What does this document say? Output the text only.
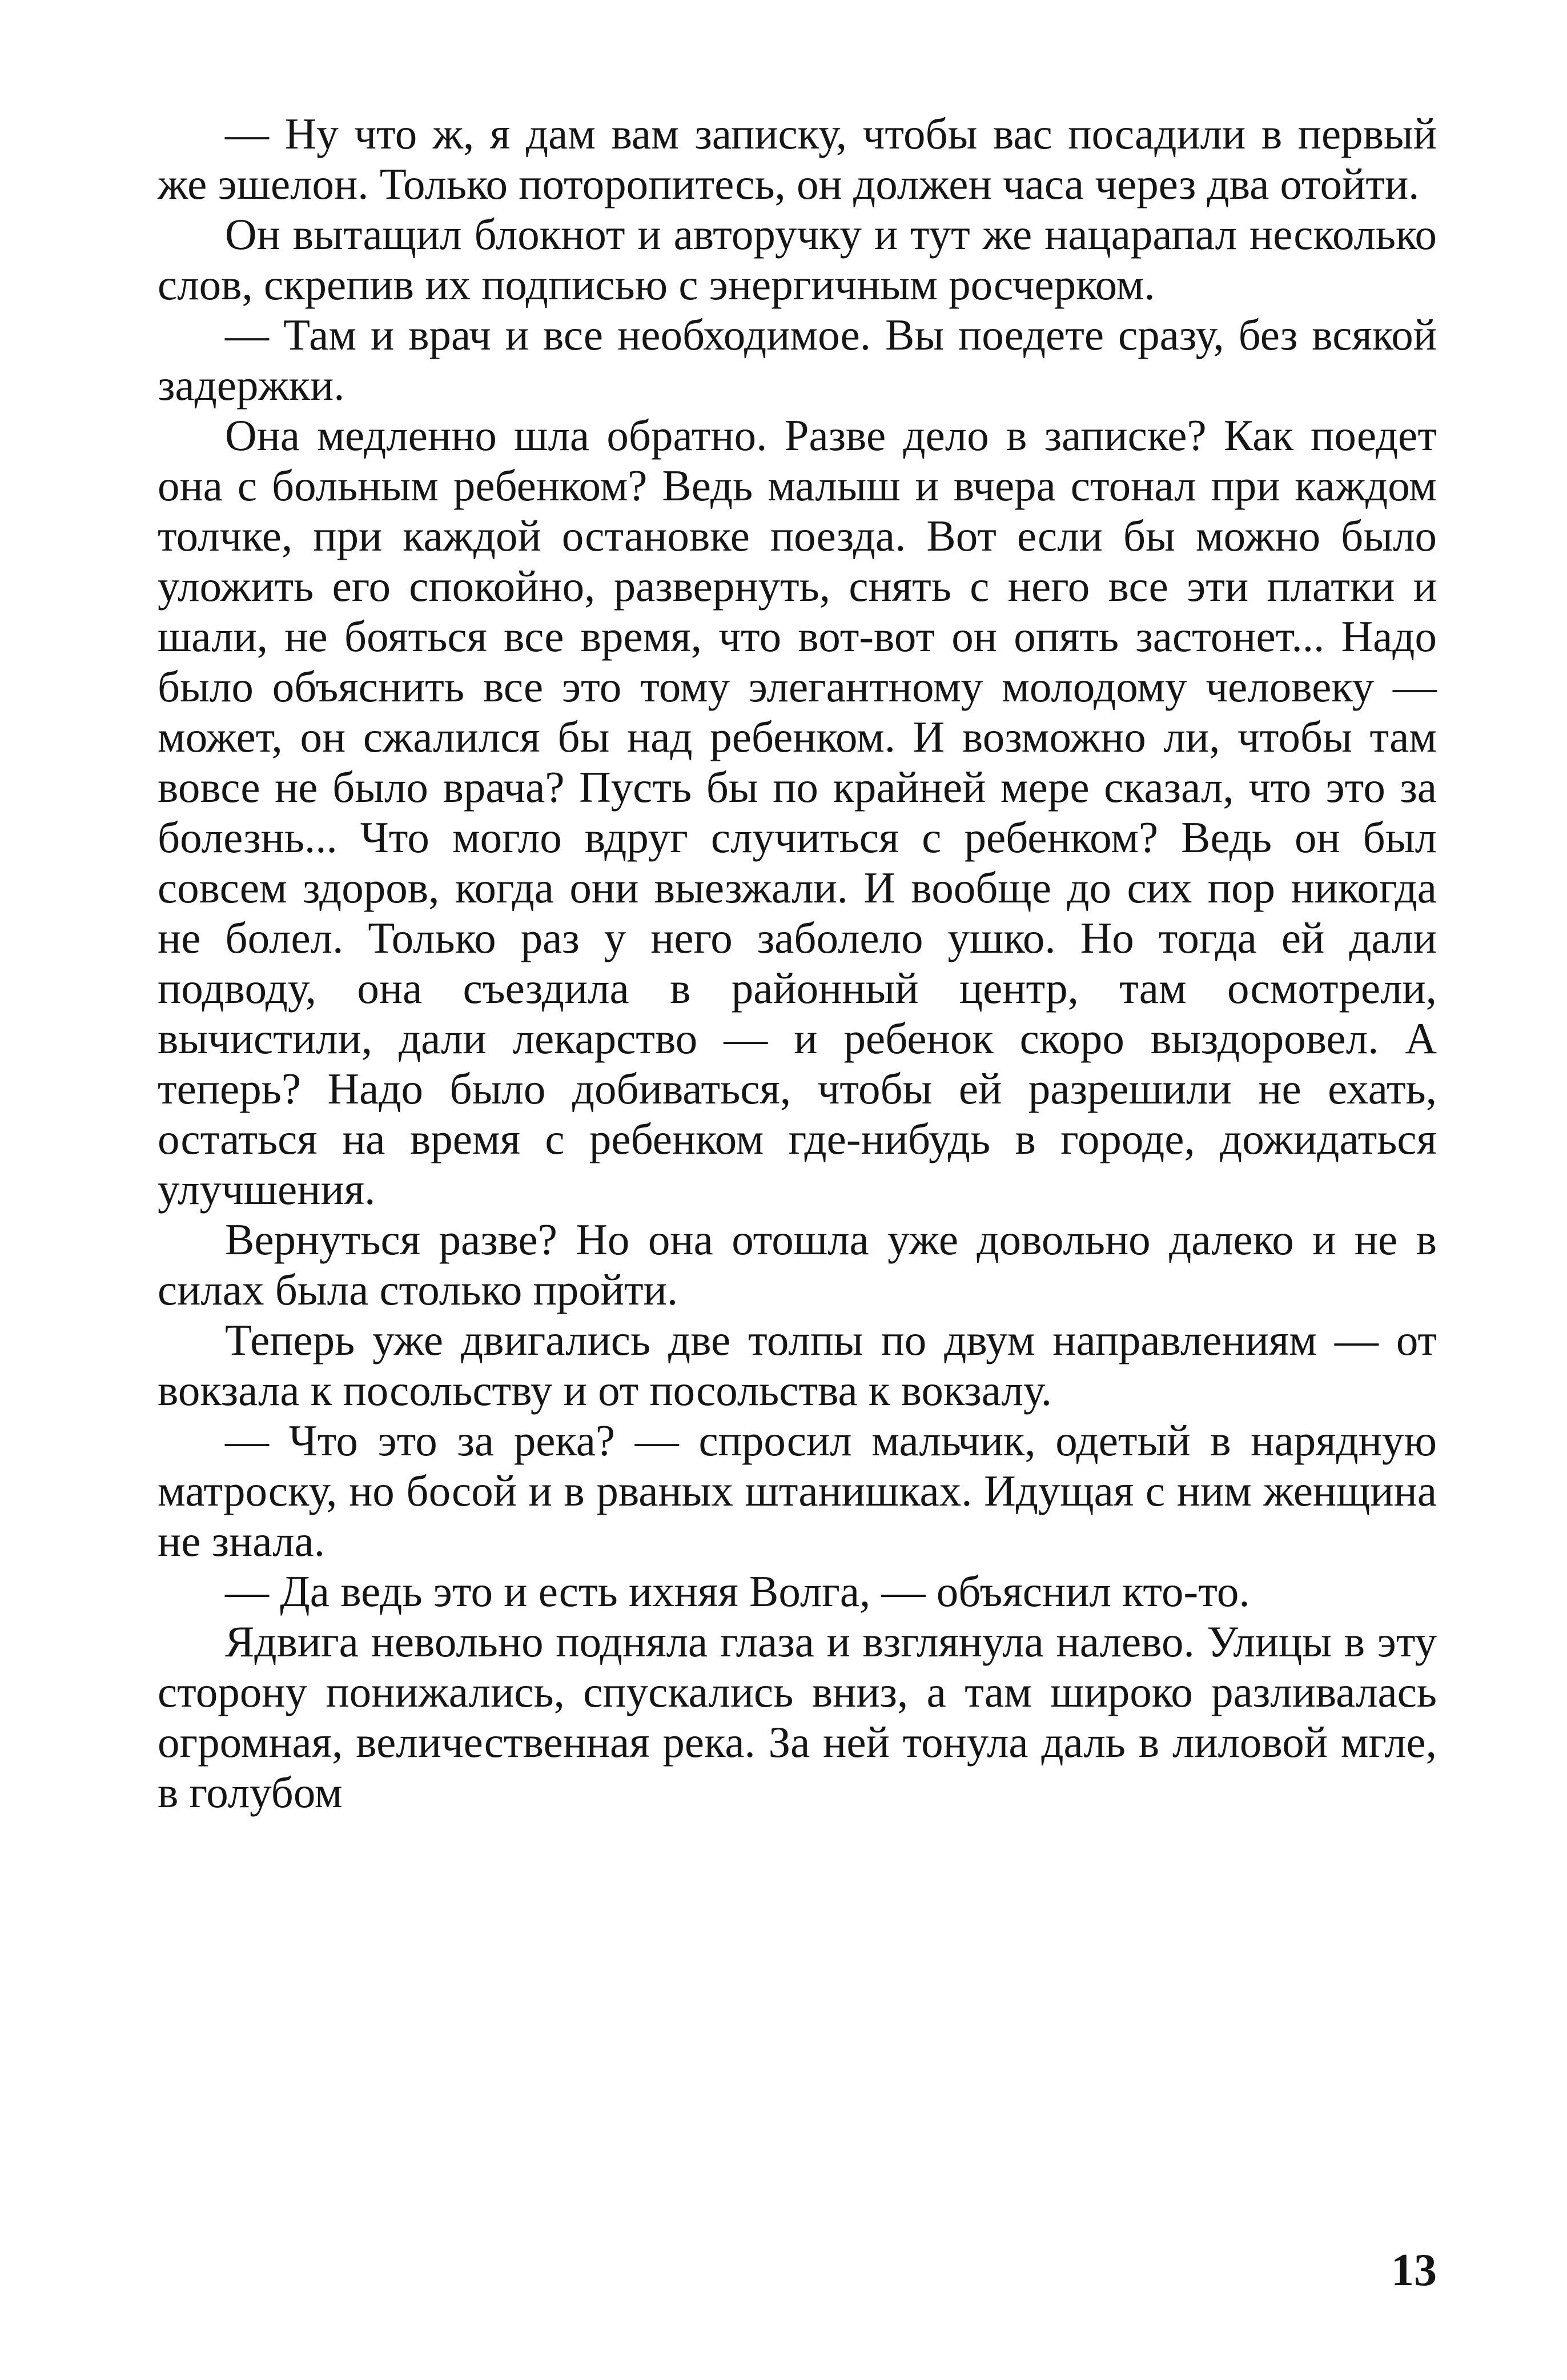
— Ну что ж, я дам вам записку, чтобы вас посадили в первый же эшелон. Только поторопитесь, он должен часа через два отойти.

Он вытащил блокнот и авторучку и тут же нацарапал несколько слов, скрепив их подписью с энергичным росчерком.

— Там и врач и все необходимое. Вы поедете сразу, без всякой задержки.

Она медленно шла обратно. Разве дело в записке? Как поедет она с больным ребенком? Ведь малыш и вчера стонал при каждом толчке, при каждой остановке поезда. Вот если бы можно было уложить его спокойно, развернуть, снять с него все эти платки и шали, не бояться все время, что вот-вот он опять застонет... Надо было объяснить все это тому элегантному молодому человеку — может, он сжалился бы над ребенком. И возможно ли, чтобы там вовсе не было врача? Пусть бы по крайней мере сказал, что это за болезнь... Что могло вдруг случиться с ребенком? Ведь он был совсем здоров, когда они выезжали. И вообще до сих пор никогда не болел. Только раз у него заболело ушко. Но тогда ей дали подводу, она съездила в районный центр, там осмотрели, вычистили, дали лекарство — и ребенок скоро выздоровел. А теперь? Надо было добиваться, чтобы ей разрешили не ехать, остаться на время с ребенком где-нибудь в городе, дожидаться улучшения.

Вернуться разве? Но она отошла уже довольно далеко и не в силах была столько пройти.

Теперь уже двигались две толпы по двум направлениям — от вокзала к посольству и от посольства к вокзалу.

— Что это за река? — спросил мальчик, одетый в нарядную матроску, но босой и в рваных штанишках. Идущая с ним женщина не знала.

— Да ведь это и есть ихняя Волга, — объяснил кто-то.

Ядвига невольно подняла глаза и взглянула налево. Улицы в эту сторону понижались, спускались вниз, а там широко разливалась огромная, величественная река. За ней тонула даль в лиловой мгле, в голубом

13
